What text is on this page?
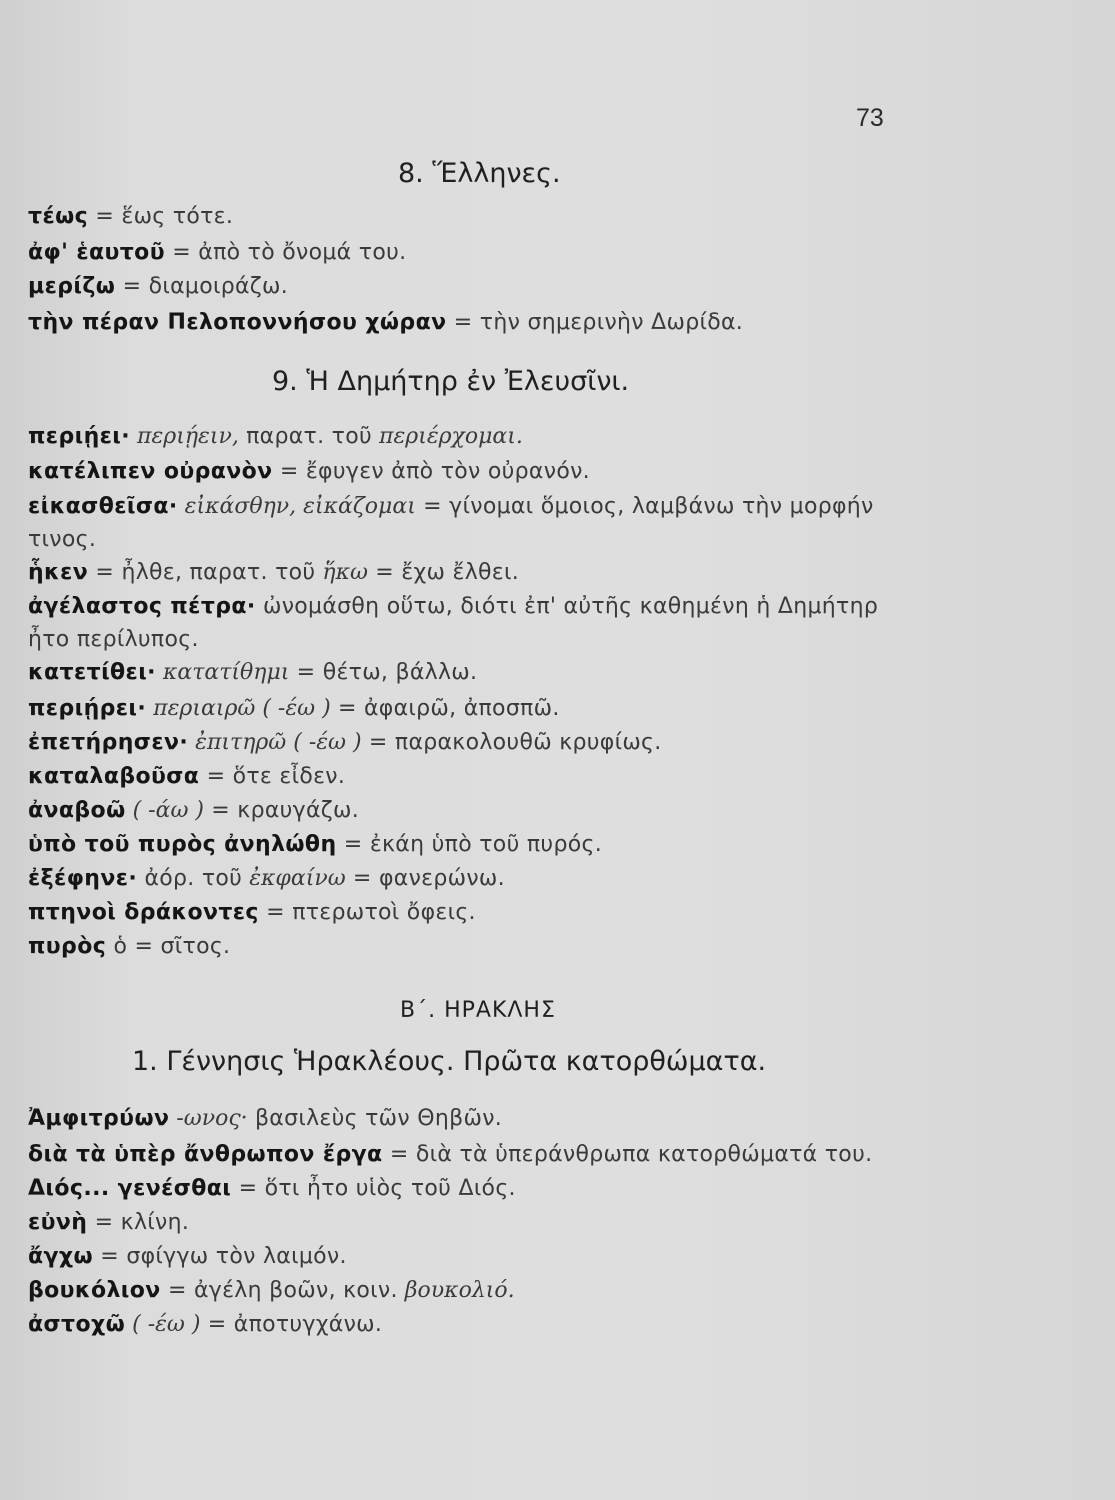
73
8. Ἕλληνες.
τέως = ἕως τότε.
ἀφ' ἑαυτοῦ = ἀπὸ τὸ ὄνομά του.
μερίζω = διαμοιράζω.
τὴν πέραν Πελοποννήσου χώραν = τὴν σημερινὴν Δωρίδα.
9. Ἡ Δημήτηρ ἐν Ἐλευσῖνι.
περιῄει· περιῄειν, παρατ. τοῦ περιέρχομαι.
κατέλιπεν οὐρανὸν = ἔφυγεν ἀπὸ τὸν οὐρανόν.
εἰκασθεῖσα· εἰκάσθην, εἰκάζομαι = γίνομαι ὅμοιος, λαμβάνω τὴν μορφήν τινος.
ἧκεν = ἦλθε, παρατ. τοῦ ἥκω = ἔχω ἔλθει.
ἀγέλαστος πέτρα· ὠνομάσθη οὕτω, διότι ἐπ' αὐτῆς καθημένη ἡ Δημήτηρ ἦτο περίλυπος.
κατετίθει· κατατίθημι = θέτω, βάλλω.
περιῄρει· περιαιρῶ ( -έω ) = ἀφαιρῶ, ἀποσπῶ.
ἐπετήρησεν· ἐπιτηρῶ ( -έω ) = παρακολουθῶ κρυφίως.
καταλαβοῦσα = ὅτε εἶδεν.
ἀναβοῶ ( -άω ) = κραυγάζω.
ὑπὸ τοῦ πυρὸς ἀνηλώθη = ἐκάη ὑπὸ τοῦ πυρός.
ἐξέφηνε· ἀόρ. τοῦ ἐκφαίνω = φανερώνω.
πτηνοὶ δράκοντες = πτερωτοὶ ὄφεις.
πυρὸς ὁ = σῖτος.
Β΄. ΗΡΑΚΛΗΣ
1. Γέννησις Ἡρακλέους. Πρῶτα κατορθώματα.
Ἀμφιτρύων -ωνος· βασιλεὺς τῶν Θηβῶν.
διὰ τὰ ὑπὲρ ἄνθρωπον ἔργα = διὰ τὰ ὑπεράνθρωπα κατορθώματά του.
Διός... γενέσθαι = ὅτι ἦτο υἱὸς τοῦ Διός.
εὐνὴ = κλίνη.
ἄγχω = σφίγγω τὸν λαιμόν.
βουκόλιον = ἀγέλη βοῶν, κοιν. βουκολιό.
ἀστοχῶ ( -έω ) = ἀποτυγχάνω.
